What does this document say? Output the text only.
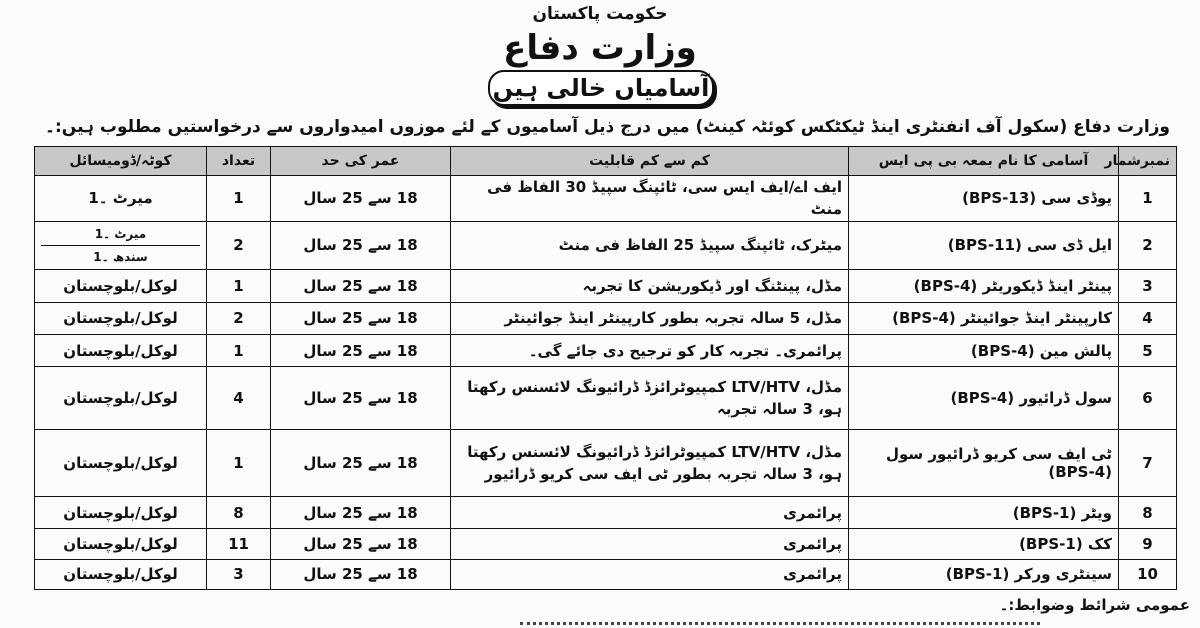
حکومت پاکستان
وزارت دفاع
آسامیاں خالی ہیں
وزارت دفاع (سکول آف انفنٹری اینڈ ٹیکٹکس کوئٹہ کینٹ) میں درج ذیل آسامیوں کے لئے موزوں امیدواروں سے درخواستیں مطلوب ہیں:۔
نمبرشمار	آسامی کا نام بمعہ بی پی ایس	کم سے کم قابلیت	عمر کی حد	تعداد	کوٹہ/ڈومیسائل
1	یوڈی سی (BPS-13)	ایف اے/ایف ایس سی، ٹائپنگ سپیڈ 30 الفاظ فی منٹ	18 سے 25 سال	1	میرٹ ۔1
2	ایل ڈی سی (BPS-11)	میٹرک، ٹائپنگ سپیڈ 25 الفاظ فی منٹ	18 سے 25 سال	2	میرٹ ۔1
سندھ ۔1

3	پینٹر اینڈ ڈیکوریٹر (BPS-4)	مڈل، پینٹنگ اور ڈیکوریشن کا تجربہ	18 سے 25 سال	1	لوکل/بلوچستان
4	کارپینٹر اینڈ جوائینٹر (BPS-4)	مڈل، 5 سالہ تجربہ بطور کارپینٹر اینڈ جوائینٹر	18 سے 25 سال	2	لوکل/بلوچستان
5	پالش مین (BPS-4)	پرائمری۔ تجربہ کار کو ترجیح دی جائے گی۔	18 سے 25 سال	1	لوکل/بلوچستان
6	سول ڈرائیور (BPS-4)	مڈل، LTV/HTV کمپیوٹرائزڈ ڈرائیونگ لائسنس رکھتا ہو، 3 سالہ تجربہ	18 سے 25 سال	4	لوکل/بلوچستان
7	ٹی ایف سی کریو ڈرائیور سول (BPS-4)	مڈل، LTV/HTV کمپیوٹرائزڈ ڈرائیونگ لائسنس رکھتا ہو، 3 سالہ تجربہ بطور ٹی ایف سی کریو ڈرائیور	18 سے 25 سال	1	لوکل/بلوچستان
8	ویٹر (BPS-1)	پرائمری	18 سے 25 سال	8	لوکل/بلوچستان
9	کک (BPS-1)	پرائمری	18 سے 25 سال	11	لوکل/بلوچستان
10	سینٹری ورکر (BPS-1)	پرائمری	18 سے 25 سال	3	لوکل/بلوچستان
عمومی شرائط وضوابط:۔
